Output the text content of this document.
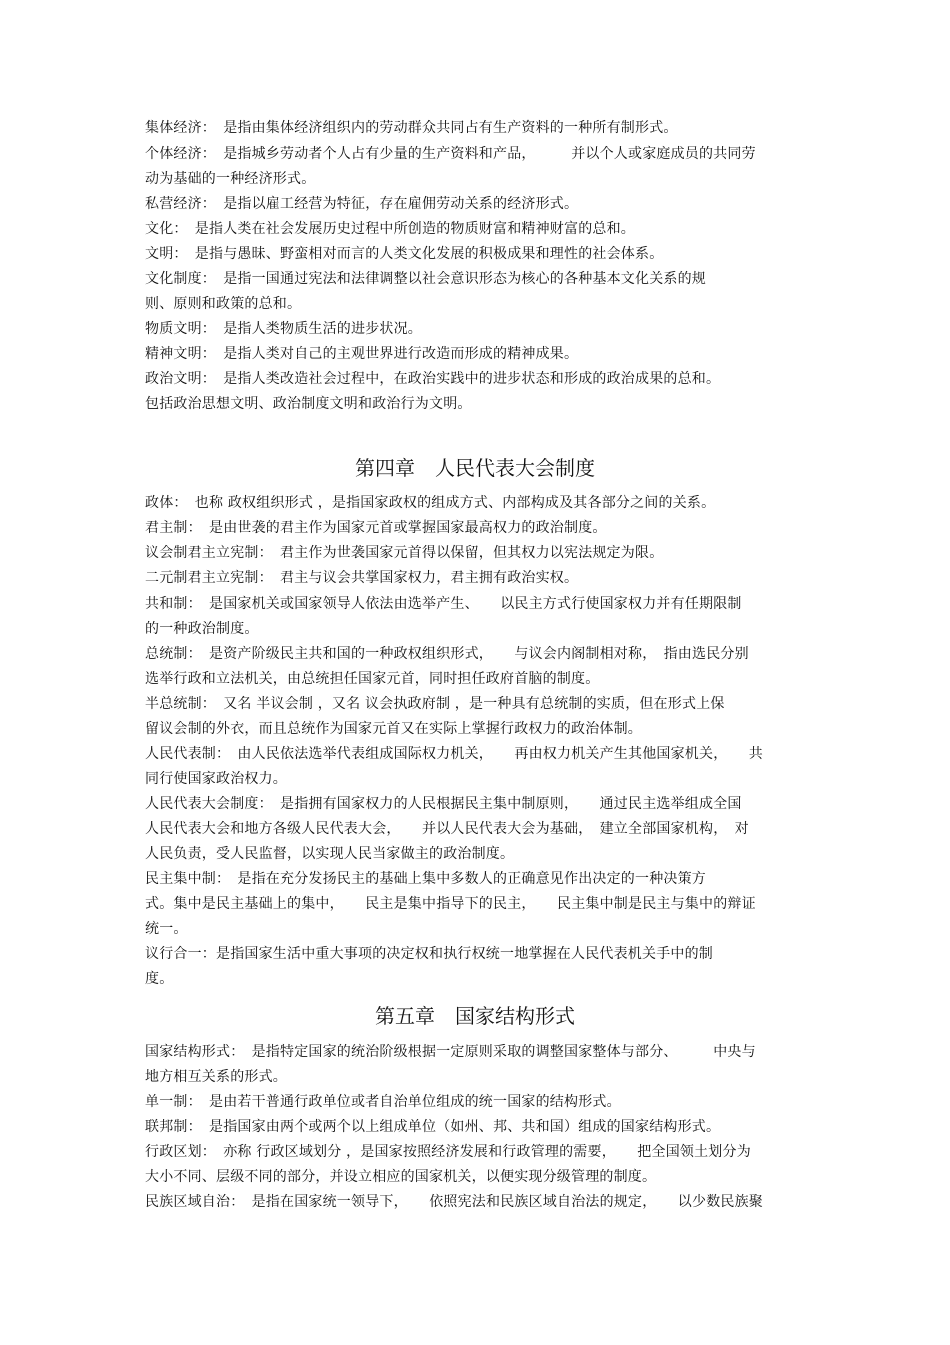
集体经济：　是指由集体经济组织内的劳动群众共同占有生产资料的一种所有制形式。
个体经济：　是指城乡劳动者个人占有少量的生产资料和产品，　　　并以个人或家庭成员的共同劳
动为基础的一种经济形式。
私营经济：　是指以雇工经营为特征，存在雇佣劳动关系的经济形式。
文化：　是指人类在社会发展历史过程中所创造的物质财富和精神财富的总和。
文明：　是指与愚昧、野蛮相对而言的人类文化发展的积极成果和理性的社会体系。
文化制度：　是指一国通过宪法和法律调整以社会意识形态为核心的各种基本文化关系的规
则、原则和政策的总和。
物质文明：　是指人类物质生活的进步状况。
精神文明：　是指人类对自己的主观世界进行改造而形成的精神成果。
政治文明：　是指人类改造社会过程中，在政治实践中的进步状态和形成的政治成果的总和。
包括政治思想文明、政治制度文明和政治行为文明。
第四章　人民代表大会制度
政体：　也称 政权组织形式 ，是指国家政权的组成方式、内部构成及其各部分之间的关系。
君主制：　是由世袭的君主作为国家元首或掌握国家最高权力的政治制度。
议会制君主立宪制：　君主作为世袭国家元首得以保留，但其权力以宪法规定为限。
二元制君主立宪制：　君主与议会共掌国家权力，君主拥有政治实权。
共和制：　是国家机关或国家领导人依法由选举产生、　　以民主方式行使国家权力并有任期限制
的一种政治制度。
总统制：　是资产阶级民主共和国的一种政权组织形式，　　与议会内阁制相对称，　指由选民分别
选举行政和立法机关，由总统担任国家元首，同时担任政府首脑的制度。
半总统制：　又名 半议会制 ，又名 议会执政府制 ，是一种具有总统制的实质，但在形式上保
留议会制的外衣，而且总统作为国家元首又在实际上掌握行政权力的政治体制。
人民代表制：　由人民依法选举代表组成国际权力机关，　　再由权力机关产生其他国家机关，　　共
同行使国家政治权力。
人民代表大会制度：　是指拥有国家权力的人民根据民主集中制原则，　　通过民主选举组成全国
人民代表大会和地方各级人民代表大会，　　并以人民代表大会为基础，　建立全部国家机构，　对
人民负责，受人民监督，以实现人民当家做主的政治制度。
民主集中制：　是指在充分发扬民主的基础上集中多数人的正确意见作出决定的一种决策方
式。集中是民主基础上的集中，　　民主是集中指导下的民主，　　民主集中制是民主与集中的辩证
统一。
议行合一：是指国家生活中重大事项的决定权和执行权统一地掌握在人民代表机关手中的制
度。
第五章　国家结构形式
国家结构形式：　是指特定国家的统治阶级根据一定原则采取的调整国家整体与部分、　　　中央与
地方相互关系的形式。
单一制：　是由若干普通行政单位或者自治单位组成的统一国家的结构形式。
联邦制：　是指国家由两个或两个以上组成单位（如州、邦、共和国）组成的国家结构形式。
行政区划：　亦称 行政区域划分 ，是国家按照经济发展和行政管理的需要，　　把全国领土划分为
大小不同、层级不同的部分，并设立相应的国家机关，以便实现分级管理的制度。
民族区域自治：　是指在国家统一领导下，　　依照宪法和民族区域自治法的规定，　　以少数民族聚
